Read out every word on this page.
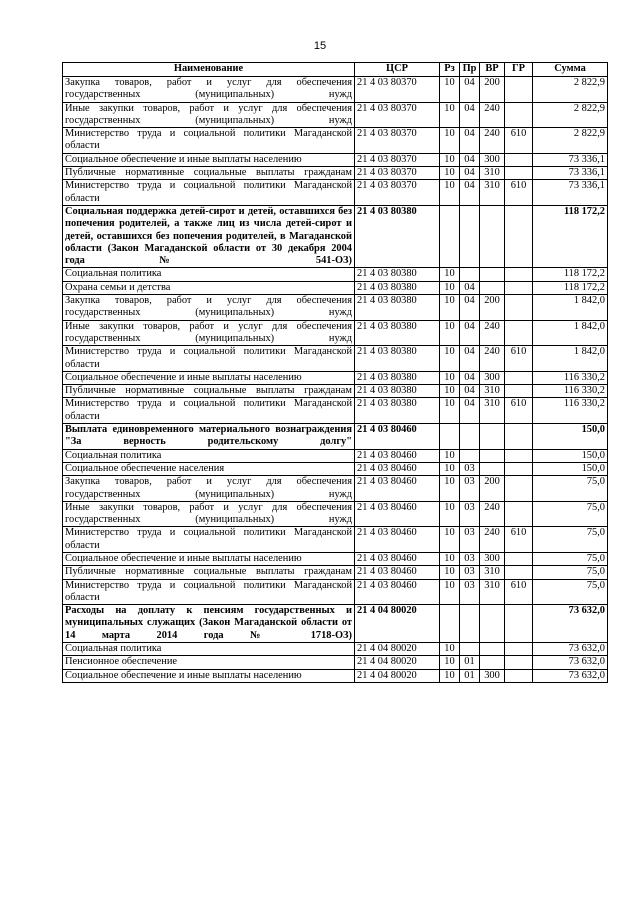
15
Наименование	ЦСР	Рз	Пр	ВР	ГР	Сумма
Закупка товаров, работ и услуг для обеспечения государственных (муниципальных) нужд	21 4 03 80370	10	04	200		2 822,9
Иные закупки товаров, работ и услуг для обеспечения государственных (муниципальных) нужд	21 4 03 80370	10	04	240		2 822,9
Министерство труда и социальной политики Магаданской области	21 4 03 80370	10	04	240	610	2 822,9
Социальное обеспечение и иные выплаты населению	21 4 03 80370	10	04	300		73 336,1
Публичные нормативные социальные выплаты гражданам	21 4 03 80370	10	04	310		73 336,1
Министерство труда и социальной политики Магаданской области	21 4 03 80370	10	04	310	610	73 336,1
Социальная поддержка детей-сирот и детей, оставшихся без попечения родителей, а также лиц из числа детей-сирот и детей, оставшихся без попечения родителей, в Магаданской области (Закон Магаданской области от 30 декабря 2004 года № 541-ОЗ)	21 4 03 80380					118 172,2
Социальная политика	21 4 03 80380	10				118 172,2
Охрана семьи и детства	21 4 03 80380	10	04			118 172,2
Закупка товаров, работ и услуг для обеспечения государственных (муниципальных) нужд	21 4 03 80380	10	04	200		1 842,0
Иные закупки товаров, работ и услуг для обеспечения государственных (муниципальных) нужд	21 4 03 80380	10	04	240		1 842,0
Министерство труда и социальной политики Магаданской области	21 4 03 80380	10	04	240	610	1 842,0
Социальное обеспечение и иные выплаты населению	21 4 03 80380	10	04	300		116 330,2
Публичные нормативные социальные выплаты гражданам	21 4 03 80380	10	04	310		116 330,2
Министерство труда и социальной политики Магаданской области	21 4 03 80380	10	04	310	610	116 330,2
Выплата единовременного материального вознаграждения "За верность родительскому долгу"	21 4 03 80460					150,0
Социальная политика	21 4 03 80460	10				150,0
Социальное обеспечение населения	21 4 03 80460	10	03			150,0
Закупка товаров, работ и услуг для обеспечения государственных (муниципальных) нужд	21 4 03 80460	10	03	200		75,0
Иные закупки товаров, работ и услуг для обеспечения государственных (муниципальных) нужд	21 4 03 80460	10	03	240		75,0
Министерство труда и социальной политики Магаданской области	21 4 03 80460	10	03	240	610	75,0
Социальное обеспечение и иные выплаты населению	21 4 03 80460	10	03	300		75,0
Публичные нормативные социальные выплаты гражданам	21 4 03 80460	10	03	310		75,0
Министерство труда и социальной политики Магаданской области	21 4 03 80460	10	03	310	610	75,0
Расходы на доплату к пенсиям государственных и муниципальных служащих (Закон Магаданской области от 14 марта 2014 года № 1718-ОЗ)	21 4 04 80020					73 632,0
Социальная политика	21 4 04 80020	10				73 632,0
Пенсионное обеспечение	21 4 04 80020	10	01			73 632,0
Социальное обеспечение и иные выплаты населению	21 4 04 80020	10	01	300		73 632,0
